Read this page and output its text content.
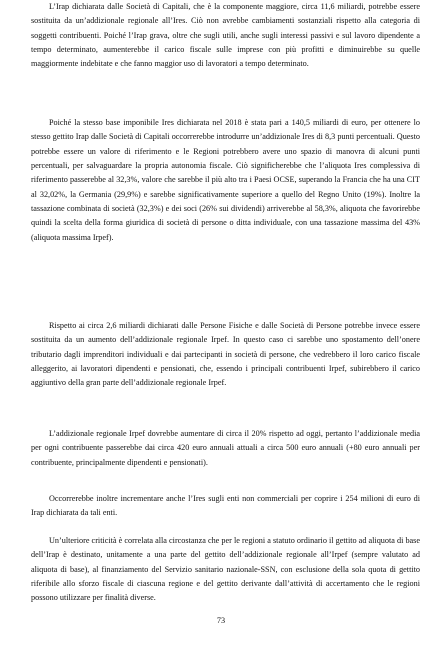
L’Irap dichiarata dalle Società di Capitali, che è la componente maggiore, circa 11,6 miliardi, potrebbe essere sostituita da un’addizionale regionale all’Ires. Ciò non avrebbe cambiamenti sostanziali rispetto alla categoria di soggetti contribuenti. Poiché l’Irap grava, oltre che sugli utili, anche sugli interessi passivi e sul lavoro dipendente a tempo determinato, aumenterebbe il carico fiscale sulle imprese con più profitti e diminuirebbe su quelle maggiormente indebitate e che fanno maggior uso di lavoratori a tempo determinato.

Poiché la stesso base imponibile Ires dichiarata nel 2018 è stata pari a 140,5 miliardi di euro, per ottenere lo stesso gettito Irap dalle Società di Capitali occorrerebbe introdurre un’addizionale Ires di 8,3 punti percentuali. Questo potrebbe essere un valore di riferimento e le Regioni potrebbero avere uno spazio di manovra di alcuni punti percentuali, per salvaguardare la propria autonomia fiscale. Ciò significherebbe che l’aliquota Ires complessiva di riferimento passerebbe al 32,3%, valore che sarebbe il più alto tra i Paesi OCSE, superando la Francia che ha una CIT al 32,02%, la Germania (29,9%) e sarebbe significativamente superiore a quello del Regno Unito (19%). Inoltre la tassazione combinata di società (32,3%) e dei soci (26% sui dividendi) arriverebbe al 58,3%, aliquota che favorirebbe quindi la scelta della forma giuridica di società di persone o ditta individuale, con una tassazione massima del 43% (aliquota massima Irpef).

Rispetto ai circa 2,6 miliardi dichiarati dalle Persone Fisiche e dalle Società di Persone potrebbe invece essere sostituita da un aumento dell’addizionale regionale Irpef. In questo caso ci sarebbe uno spostamento dell’onere tributario dagli imprenditori individuali e dai partecipanti in società di persone, che vedrebbero il loro carico fiscale alleggerito, ai lavoratori dipendenti e pensionati, che, essendo i principali contribuenti Irpef, subirebbero il carico aggiuntivo della gran parte dell’addizionale regionale Irpef.

L’addizionale regionale Irpef dovrebbe aumentare di circa il 20% rispetto ad oggi, pertanto l’addizionale media per ogni contribuente passerebbe dai circa 420 euro annuali attuali a circa 500 euro annuali (+80 euro annuali per contribuente, principalmente dipendenti e pensionati).

Occorrerebbe inoltre incrementare anche l’Ires sugli enti non commerciali per coprire i 254 milioni di euro di Irap dichiarata da tali enti.

Un’ulteriore criticità è correlata alla circostanza che per le regioni a statuto ordinario il gettito ad aliquota di base dell’Irap è destinato, unitamente a una parte del gettito dell’addizionale regionale all’Irpef (sempre valutato ad aliquota di base), al finanziamento del Servizio sanitario nazionale-SSN, con esclusione della sola quota di gettito riferibile allo sforzo fiscale di ciascuna regione e del gettito derivante dall’attività di accertamento che le regioni possono utilizzare per finalità diverse.

73
